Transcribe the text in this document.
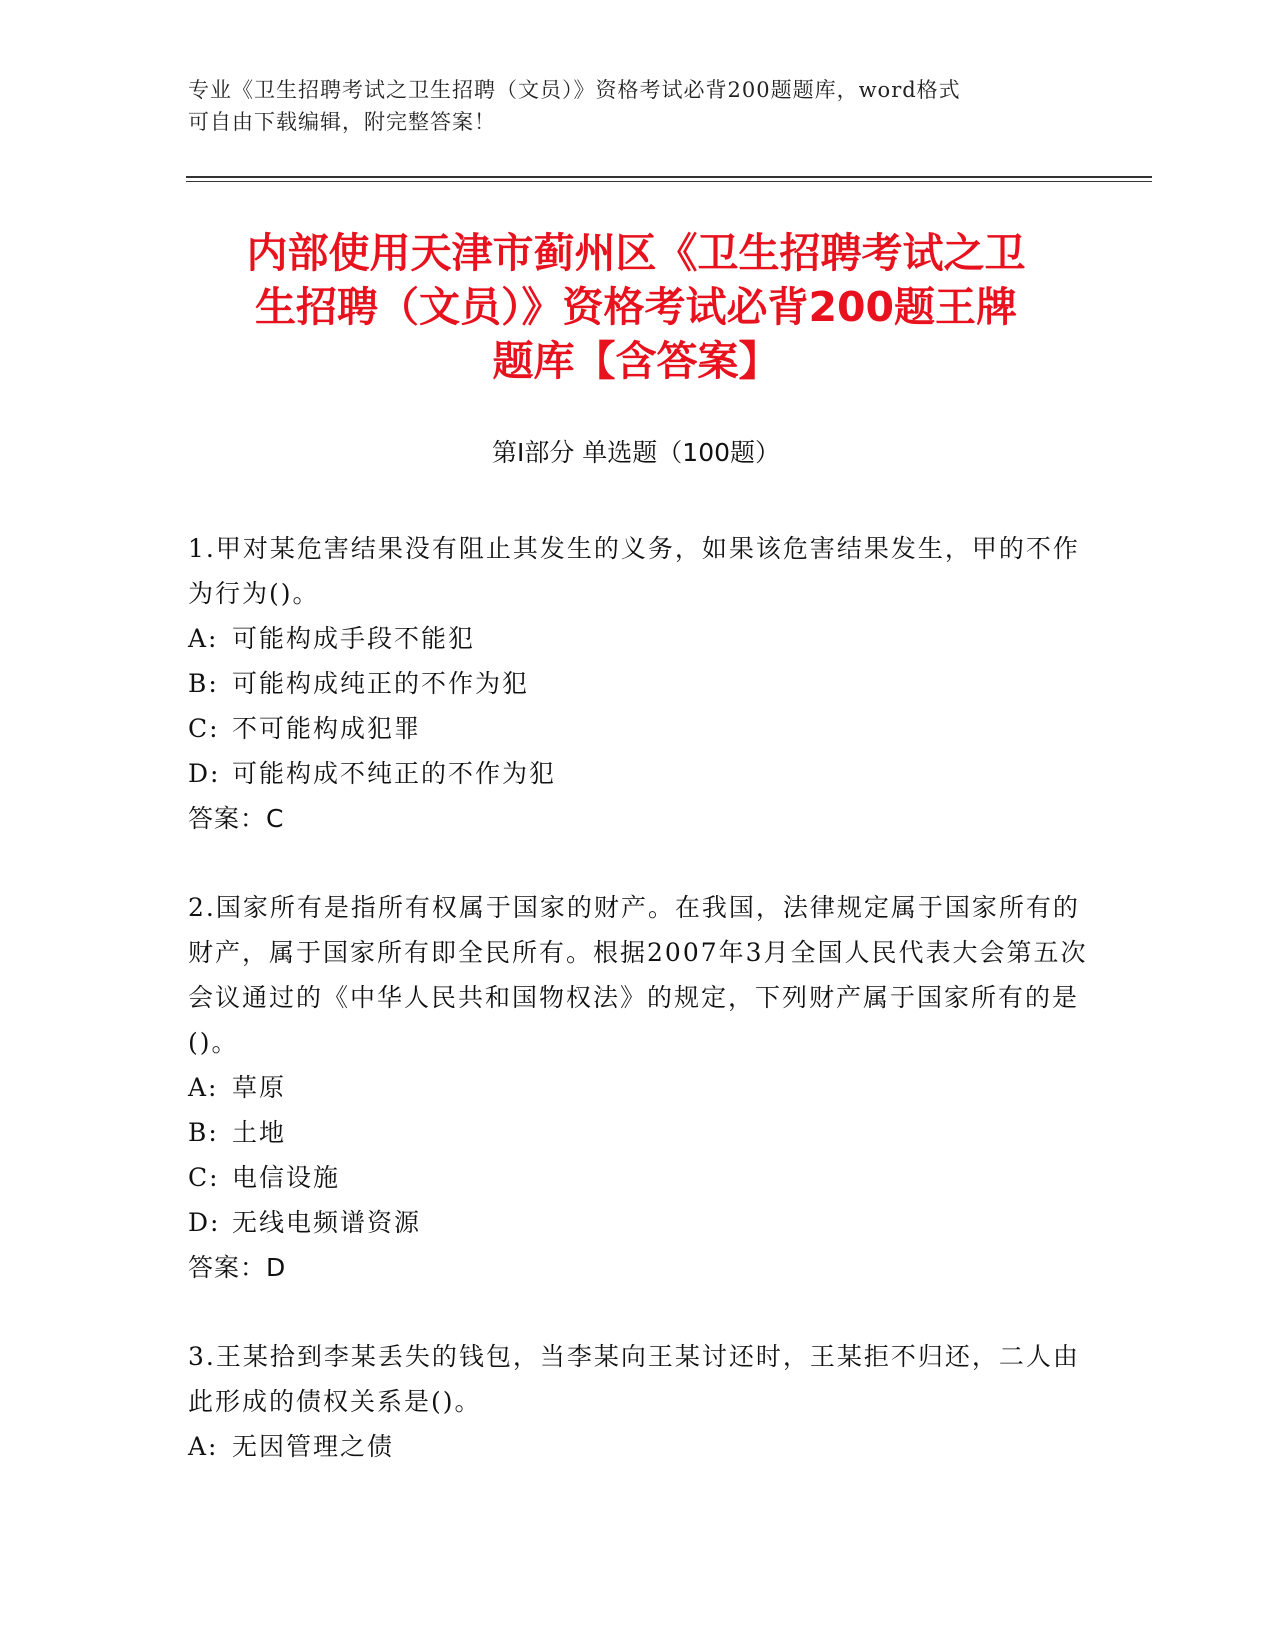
专业《卫生招聘考试之卫生招聘（文员）》资格考试必背200题题库，word格式
可自由下载编辑，附完整答案！
内部使用天津市蓟州区《卫生招聘考试之卫
生招聘（文员）》资格考试必背200题王牌
题库【含答案】
第I部分 单选题（100题）
1.甲对某危害结果没有阻止其发生的义务，如果该危害结果发生，甲的不作为行为()。
A: 可能构成手段不能犯
B: 可能构成纯正的不作为犯
C: 不可能构成犯罪
D: 可能构成不纯正的不作为犯
答案：C
2.国家所有是指所有权属于国家的财产。在我国，法律规定属于国家所有的财产，属于国家所有即全民所有。根据2007年3月全国人民代表大会第五次会议通过的《中华人民共和国物权法》的规定，下列财产属于国家所有的是()。
A: 草原
B: 土地
C: 电信设施
D: 无线电频谱资源
答案：D
3.王某拾到李某丢失的钱包，当李某向王某讨还时，王某拒不归还，二人由此形成的债权关系是()。
A: 无因管理之债
